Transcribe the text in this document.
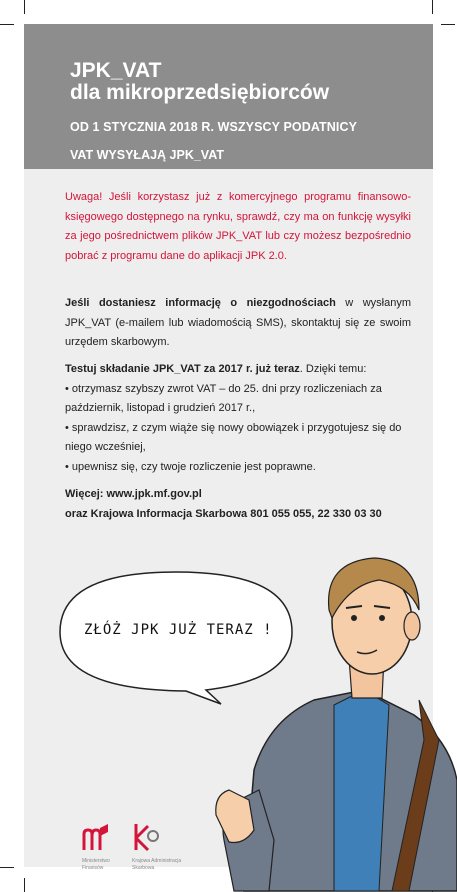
JPK_VAT
dla mikroprzedsiębiorców
OD 1 STYCZNIA 2018 R. WSZYSCY PODATNICY
VAT WYSYŁAJĄ JPK_VAT
Uwaga! Jeśli korzystasz już z komercyjnego programu finansowo-księgowego dostępnego na rynku, sprawdź, czy ma on funkcję wysyłki za jego pośrednictwem plików JPK_VAT lub czy możesz bezpośrednio pobrać z programu dane do aplikacji JPK 2.0.
Jeśli dostaniesz informację o niezgodnościach w wysłanym JPK_VAT (e-mailem lub wiadomością SMS), skontaktuj się ze swoim urzędem skarbowym.
Testuj składanie JPK_VAT za 2017 r. już teraz. Dzięki temu:
• otrzymasz szybszy zwrot VAT – do 25. dni przy rozliczeniach za październik, listopad i grudzień 2017 r.,
• sprawdzisz, z czym wiąże się nowy obowiązek i przygotujesz się do niego wcześniej,
• upewnisz się, czy twoje rozliczenie jest poprawne.
Więcej: www.jpk.mf.gov.pl
oraz Krajowa Informacja Skarbowa 801 055 055, 22 330 03 30
ZŁÓŻ JPK JUŻ TERAZ !
Ministerstwo
Finansów
Krajowa Administracja
Skarbowa
